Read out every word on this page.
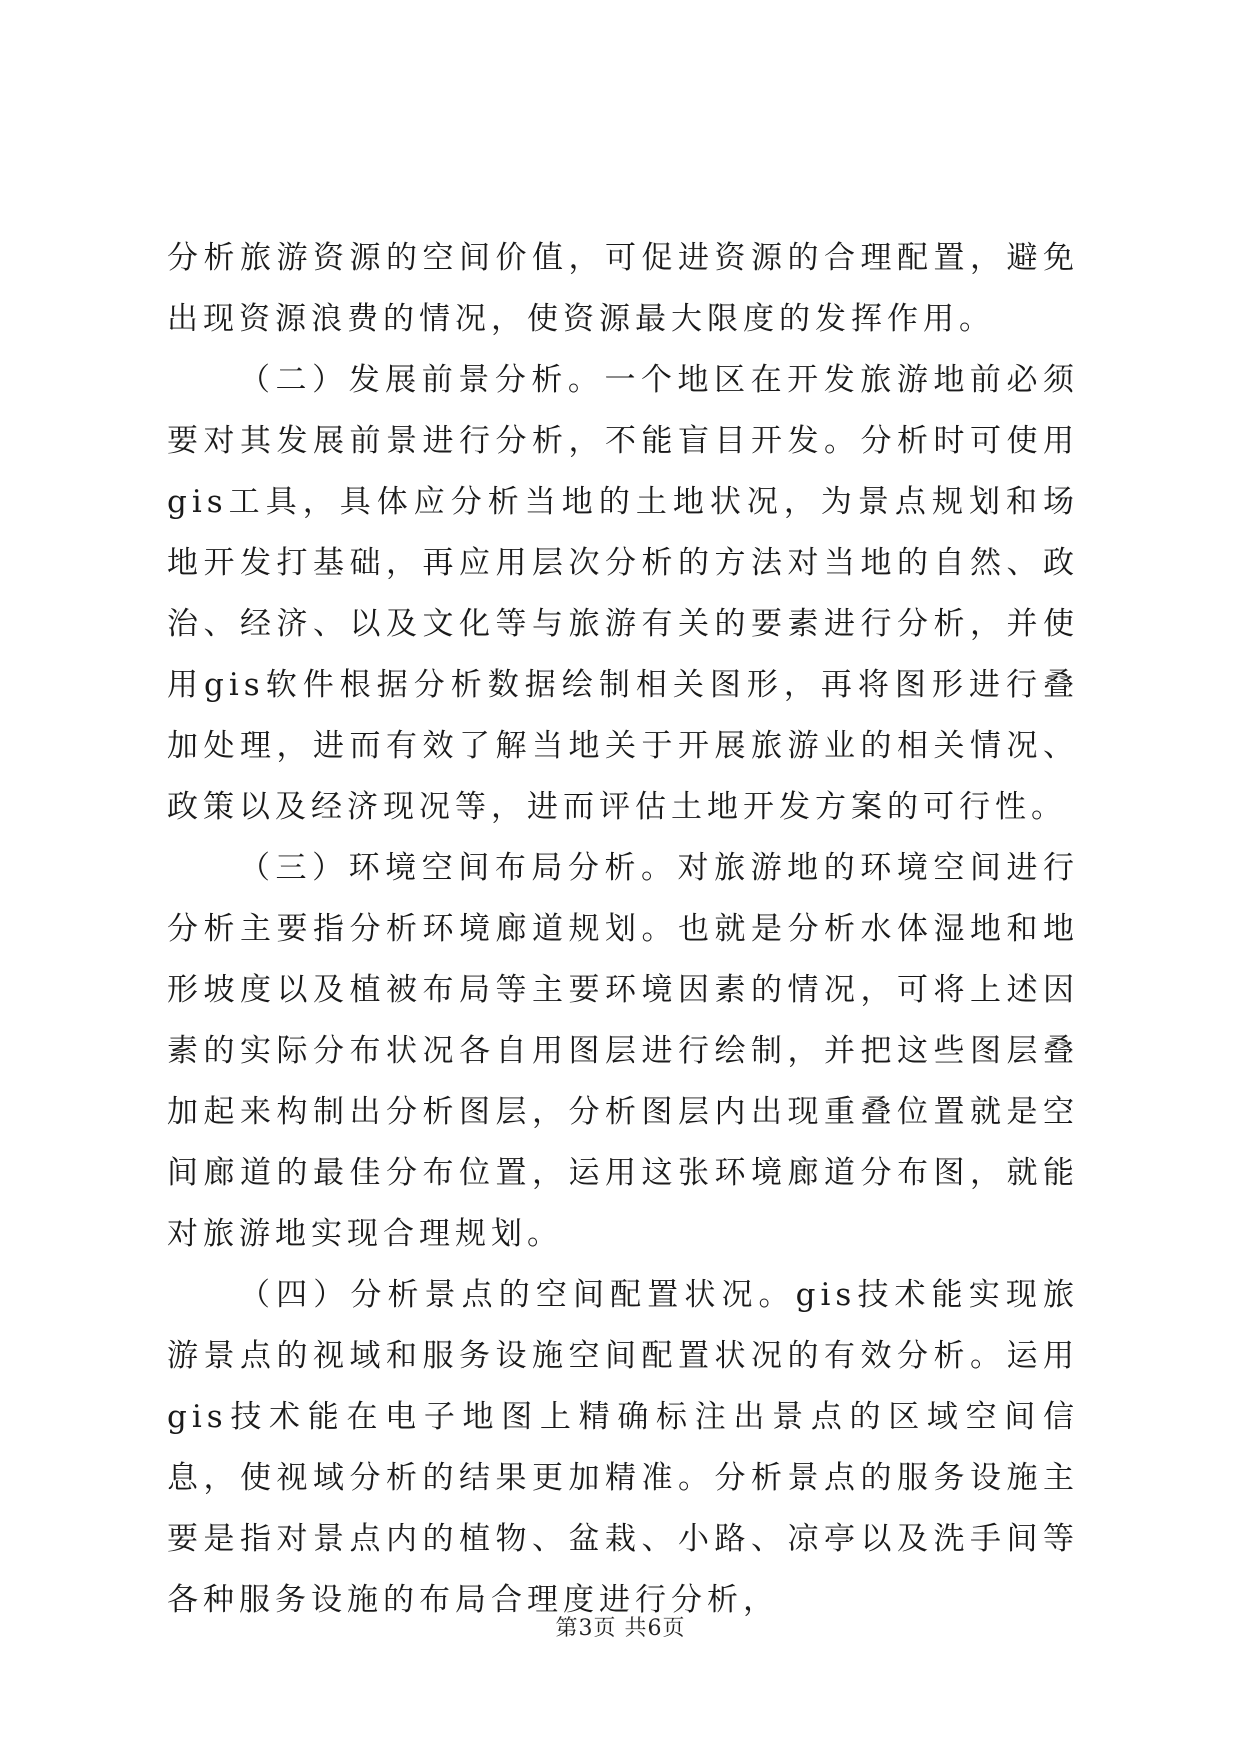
分析旅游资源的空间价值，可促进资源的合理配置，避免出现资源浪费的情况，使资源最大限度的发挥作用。

（二）发展前景分析。一个地区在开发旅游地前必须要对其发展前景进行分析，不能盲目开发。分析时可使用gis工具，具体应分析当地的土地状况，为景点规划和场地开发打基础，再应用层次分析的方法对当地的自然、政治、经济、以及文化等与旅游有关的要素进行分析，并使用gis软件根据分析数据绘制相关图形，再将图形进行叠加处理，进而有效了解当地关于开展旅游业的相关情况、政策以及经济现况等，进而评估土地开发方案的可行性。

（三）环境空间布局分析。对旅游地的环境空间进行分析主要指分析环境廊道规划。也就是分析水体湿地和地形坡度以及植被布局等主要环境因素的情况，可将上述因素的实际分布状况各自用图层进行绘制，并把这些图层叠加起来构制出分析图层，分析图层内出现重叠位置就是空间廊道的最佳分布位置，运用这张环境廊道分布图，就能对旅游地实现合理规划。

（四）分析景点的空间配置状况。gis技术能实现旅游景点的视域和服务设施空间配置状况的有效分析。运用gis技术能在电子地图上精确标注出景点的区域空间信息，使视域分析的结果更加精准。分析景点的服务设施主要是指对景点内的植物、盆栽、小路、凉亭以及洗手间等各种服务设施的布局合理度进行分析，

第3页 共6页
